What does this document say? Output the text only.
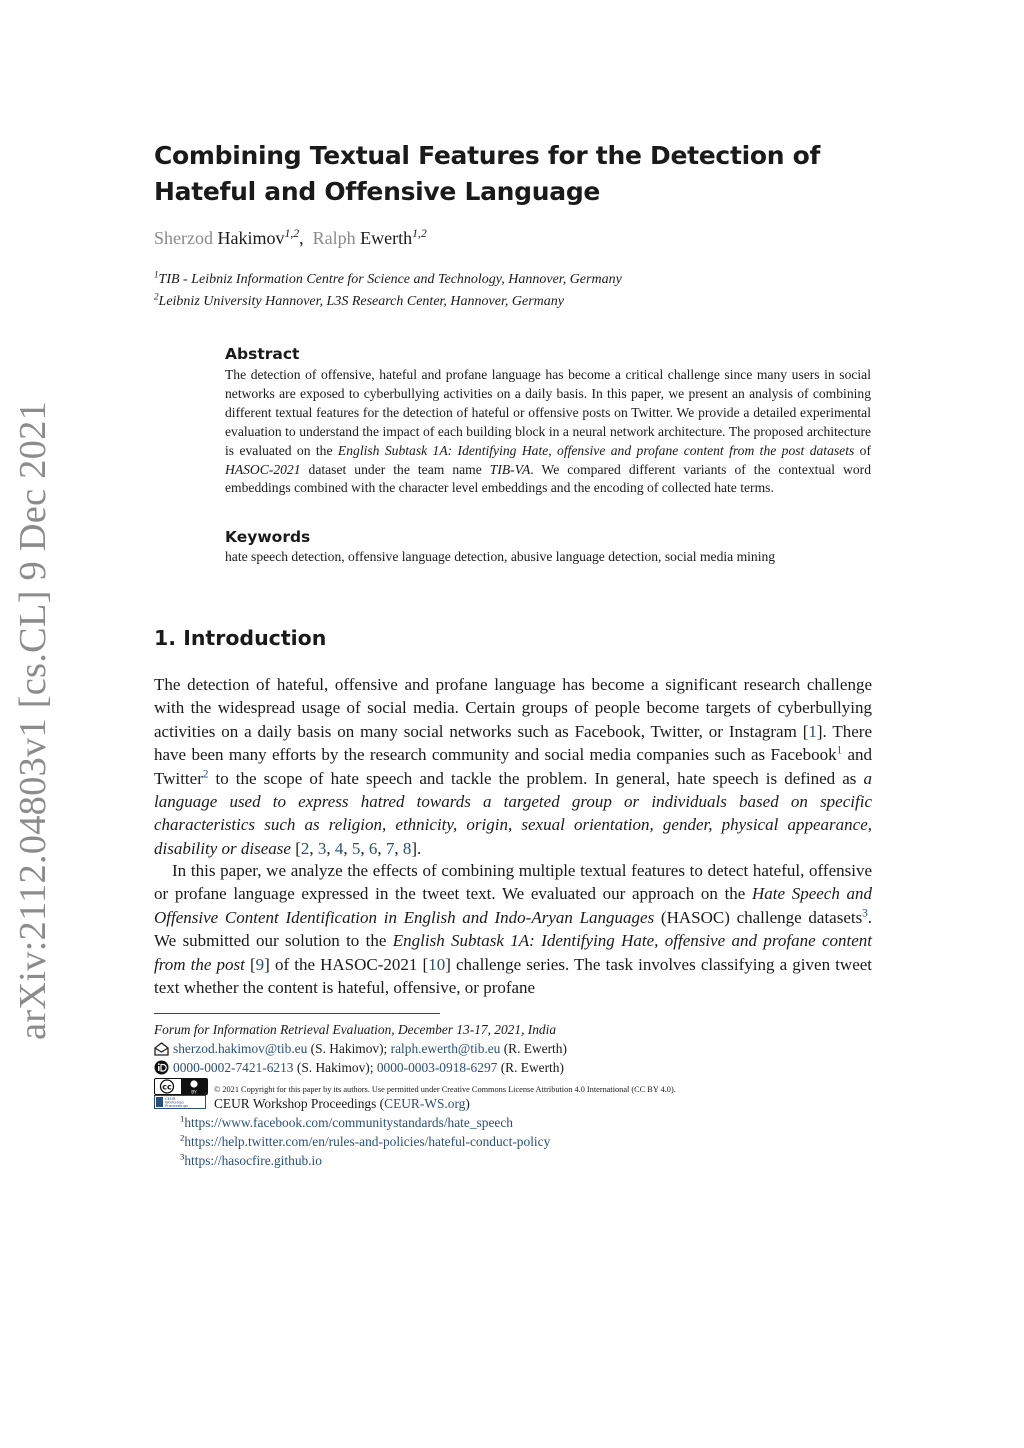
arXiv:2112.04803v1 [cs.CL] 9 Dec 2021
Combining Textual Features for the Detection of
Hateful and Offensive Language
Sherzod Hakimov$^{1,2}$,  Ralph Ewerth$^{1,2}$
$^1$TIB - Leibniz Information Centre for Science and Technology, Hannover, Germany
$^2$Leibniz University Hannover, L3S Research Center, Hannover, Germany
Abstract
The detection of offensive, hateful and profane language has become a critical challenge since many users in social networks are exposed to cyberbullying activities on a daily basis. In this paper, we present an analysis of combining different textual features for the detection of hateful or offensive posts on Twitter. We provide a detailed experimental evaluation to understand the impact of each building block in a neural network architecture. The proposed architecture is evaluated on the English Subtask 1A: Identifying Hate, offensive and profane content from the post datasets of HASOC-2021 dataset under the team name TIB-VA. We compared different variants of the contextual word embeddings combined with the character level embeddings and the encoding of collected hate terms.
Keywords
hate speech detection, offensive language detection, abusive language detection, social media mining
1. Introduction

The detection of hateful, offensive and profane language has become a significant research challenge with the widespread usage of social media. Certain groups of people become targets of cyberbullying activities on a daily basis on many social networks such as Facebook, Twitter, or Instagram [1]. There have been many efforts by the research community and social media companies such as Facebook$^1$ and Twitter$^2$ to the scope of hate speech and tackle the problem. In general, hate speech is defined as a language used to express hatred towards a targeted group or individuals based on specific characteristics such as religion, ethnicity, origin, sexual orientation, gender, physical appearance, disability or disease [2, 3, 4, 5, 6, 7, 8].

In this paper, we analyze the effects of combining multiple textual features to detect hateful, offensive or profane language expressed in the tweet text. We evaluated our approach on the Hate Speech and Offensive Content Identification in English and Indo-Aryan Languages (HASOC) challenge datasets$^3$. We submitted our solution to the English Subtask 1A: Identifying Hate, offensive and profane content from the post [9] of the HASOC-2021 [10] challenge series. The task involves classifying a given tweet text whether the content is hateful, offensive, or profane

Forum for Information Retrieval Evaluation, December 13-17, 2021, India
sherzod.hakimov@tib.eu (S. Hakimov); ralph.ewerth@tib.eu (R. Ewerth)
0000-0002-7421-6213 (S. Hakimov); 0000-0003-0918-6297 (R. Ewerth)
cc
BY © 2021 Copyright for this paper by its authors. Use permitted under Creative Commons License Attribution 4.0 International (CC BY 4.0).
CEUR
Workshop
Proceedings CEUR Workshop Proceedings (CEUR-WS.org)
$^1$https://www.facebook.com/communitystandards/hate_speech
$^2$https://help.twitter.com/en/rules-and-policies/hateful-conduct-policy
$^3$https://hasocfire.github.io
